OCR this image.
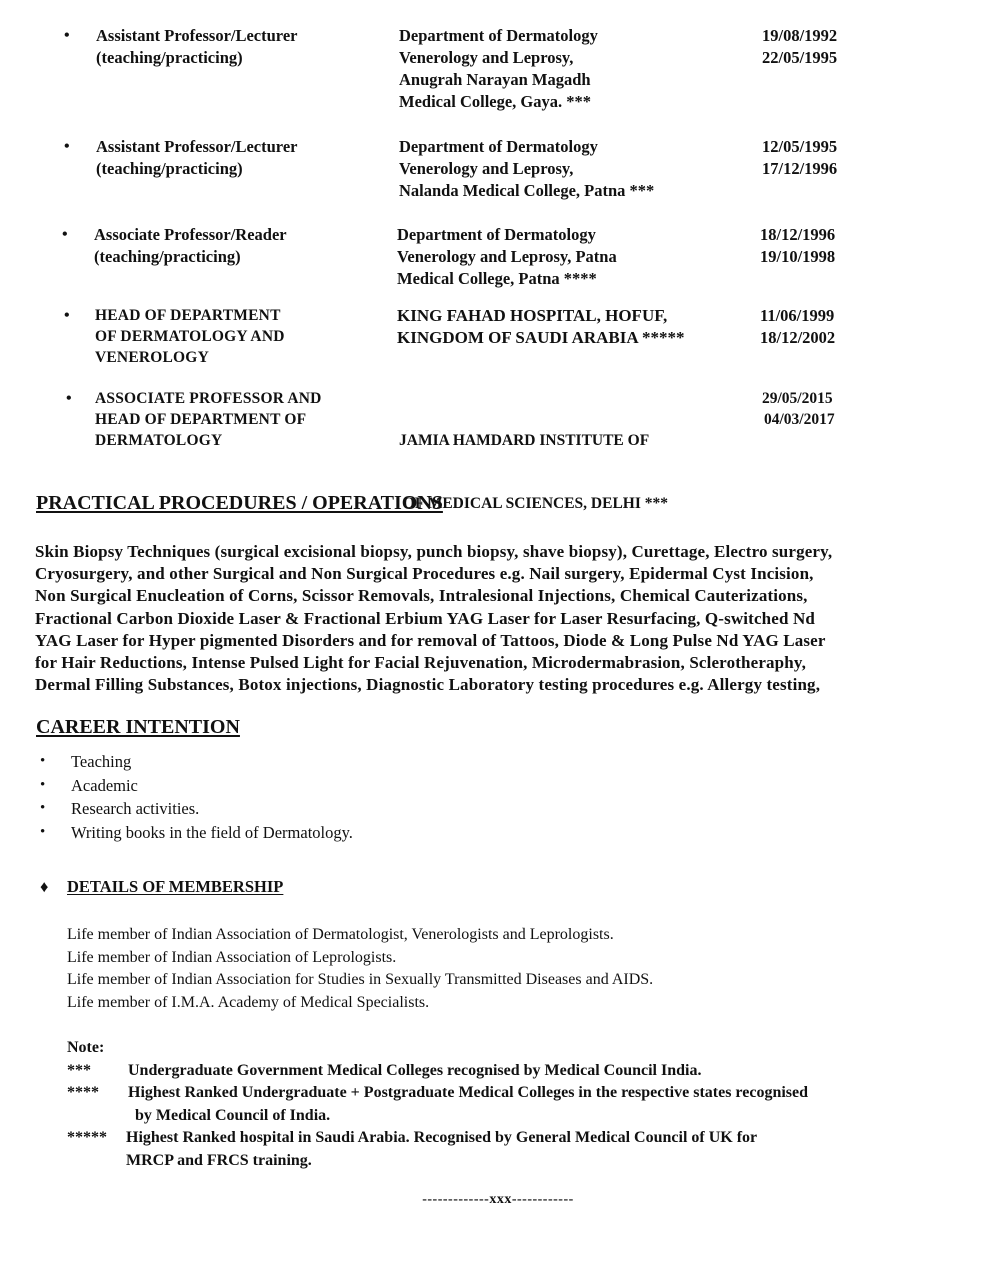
• Assistant Professor/Lecturer
(teaching/practicing)
Department of Dermatology
Venerology and Leprosy,
Anugrah Narayan Magadh
Medical College, Gaya. ***
19/08/1992
22/05/1995
• Assistant Professor/Lecturer
(teaching/practicing)
Department of Dermatology
Venerology and Leprosy,
Nalanda Medical College, Patna ***
12/05/1995
17/12/1996
• Associate Professor/Reader
(teaching/practicing)
Department of Dermatology
Venerology and Leprosy, Patna
Medical College, Patna ****
18/12/1996
19/10/1998
• HEAD OF DEPARTMENT
OF DERMATOLOGY AND
VENEROLOGY
KING FAHAD HOSPITAL, HOFUF,
KINGDOM OF SAUDI ARABIA *****
11/06/1999
18/12/2002
• ASSOCIATE PROFESSOR AND
HEAD OF DEPARTMENT OF
DERMATOLOGY

	JAMIA HAMDARD INSTITUTE OF

OF MEDICAL SCIENCES, DELHI ***

29/05/2015
04/03/2017
PRACTICAL PROCEDURES / OPERATIONS
Skin Biopsy Techniques (surgical excisional biopsy, punch biopsy, shave biopsy), Curettage, Electro surgery,
Cryosurgery, and other Surgical and Non Surgical Procedures e.g. Nail surgery, Epidermal Cyst Incision,
Non Surgical Enucleation of Corns, Scissor Removals, Intralesional Injections, Chemical Cauterizations,
Fractional Carbon Dioxide Laser & Fractional Erbium YAG Laser for Laser Resurfacing, Q-switched Nd
YAG Laser for Hyper pigmented Disorders and for removal of Tattoos, Diode & Long Pulse Nd YAG Laser
for Hair Reductions, Intense Pulsed Light for Facial Rejuvenation, Microdermabrasion, Sclerotheraphy,
Dermal Filling Substances, Botox injections, Diagnostic Laboratory testing procedures e.g. Allergy testing,
CAREER INTENTION
• Teaching
• Academic
• Research activities.
• Writing books in the field of Dermatology.
♦ DETAILS OF MEMBERSHIP
Life member of Indian Association of Dermatologist, Venerologists and Leprologists.
Life member of Indian Association of Leprologists.
Life member of Indian Association for Studies in Sexually Transmitted Diseases and AIDS.
Life member of I.M.A. Academy of Medical Specialists.
Note:
*** Undergraduate Government Medical Colleges recognised by Medical Council India.
**** Highest Ranked Undergraduate + Postgraduate Medical Colleges in the respective states recognised
by Medical Council of India.
***** Highest Ranked hospital in Saudi Arabia. Recognised by General Medical Council of UK for
MRCP and FRCS training.
-------------xxx------------
